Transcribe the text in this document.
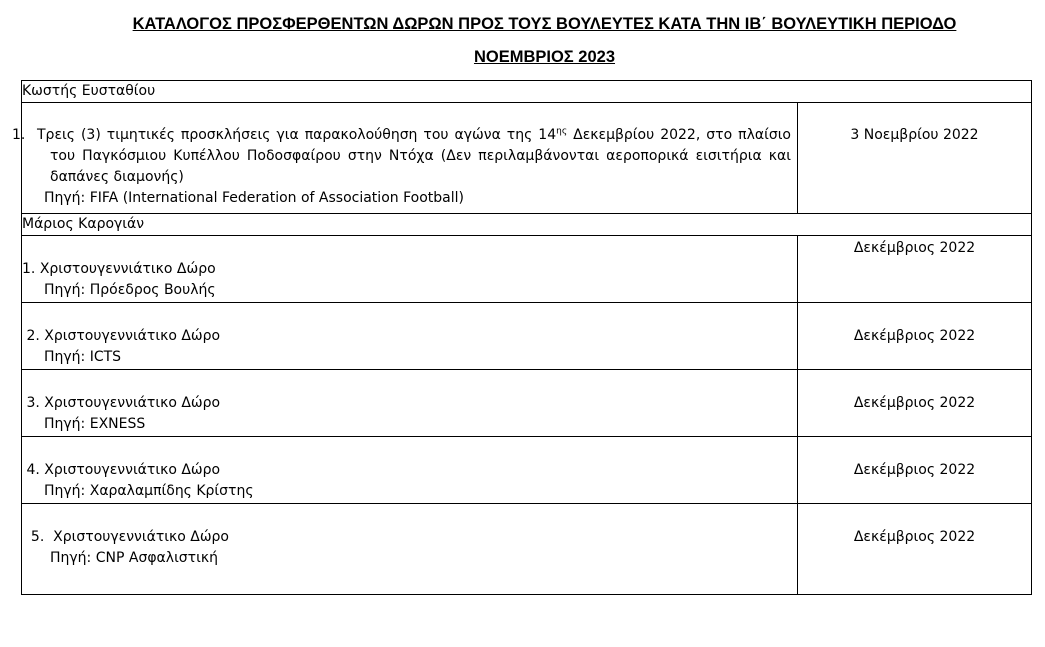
ΚΑΤΑΛΟΓΟΣ ΠΡΟΣΦΕΡΘΕΝΤΩΝ ΔΩΡΩΝ ΠΡΟΣ ΤΟΥΣ ΒΟΥΛΕΥΤΕΣ ΚΑΤΑ ΤΗΝ ΙΒ΄ ΒΟΥΛΕΥΤΙΚΗ ΠΕΡΙΟΔΟ
ΝΟΕΜΒΡΙΟΣ 2023
Κωστής Ευσταθίου	

1. Τρεις (3) τιμητικές προσκλήσεις για παρακολούθηση του αγώνα της $14^{\eta\varsigma}$ Δεκεμβρίου 2022, στο πλαίσιο του Παγκόσμιου Κυπέλλου Ποδοσφαίρου στην Ντόχα (Δεν περιλαμβάνονται αεροπορικά εισιτήρια και δαπάνες διαμονής)
Πηγή: FIFA (International Federation of Association Football)	3 Νοεμβρίου 2022
Μάριος Καρογιάν	

1. Χριστουγεννιάτικο Δώρο
Πηγή: Πρόεδρος Βουλής	Δεκέμβριος 2022

2. Χριστουγεννιάτικο Δώρο
Πηγή: ICTS	Δεκέμβριος 2022

3. Χριστουγεννιάτικο Δώρο
Πηγή: EXNESS	Δεκέμβριος 2022

4. Χριστουγεννιάτικο Δώρο
Πηγή: Χαραλαμπίδης Κρίστης	Δεκέμβριος 2022

5. Χριστουγεννιάτικο Δώρο
Πηγή: CNP Ασφαλιστική	Δεκέμβριος 2022
